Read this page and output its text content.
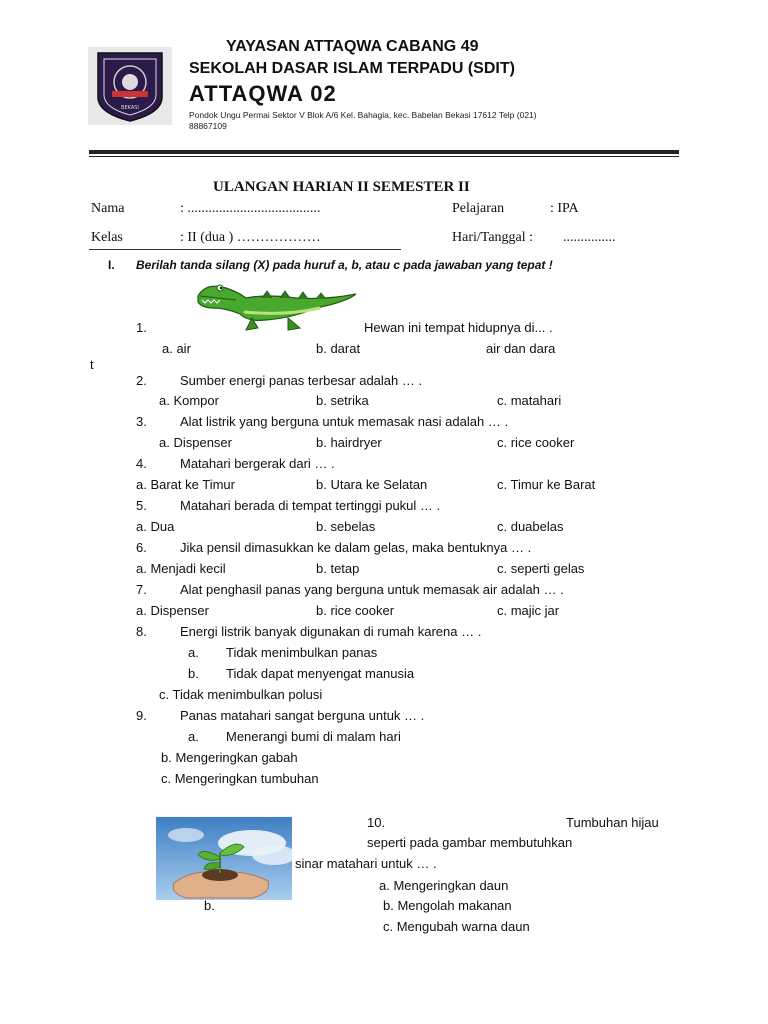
BEKASI
YAYASAN ATTAQWA CABANG 49
SEKOLAH DASAR ISLAM TERPADU (SDIT)
ATTAQWA 02
Pondok Ungu Permai Sektor V Blok A/6 Kel. Bahagia, kec. Babelan Bekasi 17612 Telp (021)
88867109
ULANGAN HARIAN II SEMESTER II
Nama	: ......................................	Pelajaran	: IPA
Kelas	: II (dua ) ………………	Hari/Tanggal : ...............
I. Berilah tanda silang (X) pada huruf a, b, atau c pada jawaban yang tepat !
1.	Hewan ini tempat hidupnya di... .
a. air	b. darat	air dan dara
t
2.	Sumber energi panas terbesar adalah … .
a. Kompor	b. setrika	c. matahari
3.	Alat listrik yang berguna untuk memasak nasi adalah … .
a. Dispenser	b. hairdryer	c. rice cooker
4.	Matahari bergerak dari … .
a. Barat ke Timur	b. Utara ke Selatan	c. Timur ke Barat
5.	Matahari berada di tempat tertinggi pukul … .
a. Dua	b. sebelas	c. duabelas
6.	Jika pensil dimasukkan ke dalam gelas, maka bentuknya … .
a. Menjadi kecil	b. tetap	c. seperti gelas
7.	Alat penghasil panas yang berguna untuk memasak air adalah … .
a. Dispenser	b. rice cooker	c. majic jar
8.	Energi listrik banyak digunakan di rumah karena … .
a. Tidak menimbulkan panas
b. Tidak dapat menyengat manusia
c. Tidak menimbulkan polusi
9.	Panas matahari sangat berguna untuk … .
a. Menerangi bumi di malam hari
b. Mengeringkan gabah
c. Mengeringkan tumbuhan
10.	Tumbuhan hijau
seperti pada gambar membutuhkan
sinar matahari untuk … .
a. Mengeringkan daun
b.	b. Mengolah makanan
c. Mengubah warna daun
